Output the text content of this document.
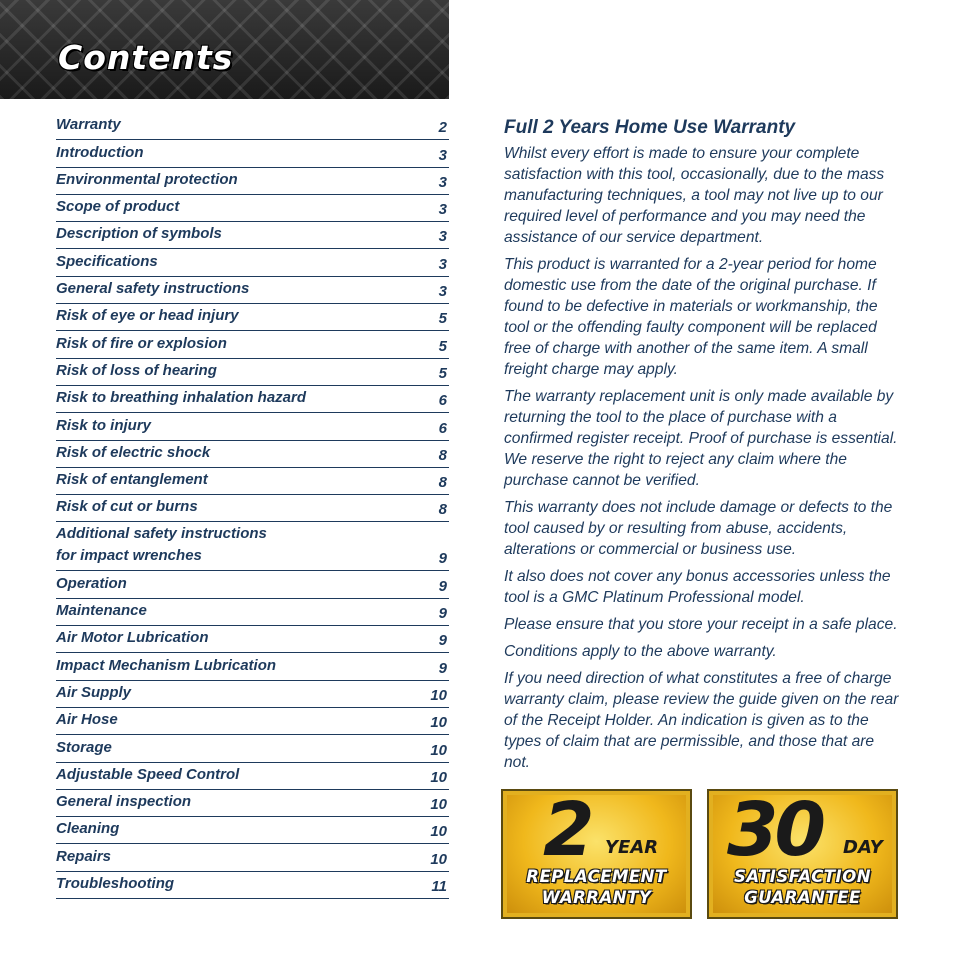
Contents
Warranty	2
Introduction	3
Environmental protection	3
Scope of product	3
Description of symbols	3
Specifications	3
General safety instructions	3
Risk of eye or head injury	5
Risk of fire or explosion	5
Risk of loss of hearing	5
Risk to breathing inhalation hazard	6
Risk to injury	6
Risk of electric shock	8
Risk of entanglement	8
Risk of cut or burns	8
Additional safety instructions
for impact wrenches	9
Operation	9
Maintenance	9
Air Motor Lubrication	9
Impact Mechanism Lubrication	9
Air Supply	10
Air Hose	10
Storage	10
Adjustable Speed Control	10
General inspection	10
Cleaning	10
Repairs	10
Troubleshooting	11
Full 2 Years Home Use Warranty

Whilst every effort is made to ensure your complete satisfaction with this tool, occasionally, due to the mass manufacturing techniques, a tool may not live up to our required level of performance and you may need the assistance of our service department.

This product is warranted for a 2-year period for home domestic use from the date of the original purchase. If found to be defective in materials or workmanship, the tool or the offending faulty component will be replaced free of charge with another of the same item. A small freight charge may apply.

The warranty replacement unit is only made available by returning the tool to the place of purchase with a confirmed register receipt. Proof of purchase is essential. We reserve the right to reject any claim where the purchase cannot be verified.

This warranty does not include damage or defects to the tool caused by or resulting from abuse, accidents, alterations or commercial or business use.

It also does not cover any bonus accessories unless the tool is a GMC Platinum Professional model.

Please ensure that you store your receipt in a safe place.

Conditions apply to the above warranty.

If you need direction of what constitutes a free of charge warranty claim, please review the guide given on the rear of the Receipt Holder. An indication is given as to the types of claim that are permissible, and those that are not.

2 YEAR
REPLACEMENT
WARRANTY
30 DAY
SATISFACTION
GUARANTEE
